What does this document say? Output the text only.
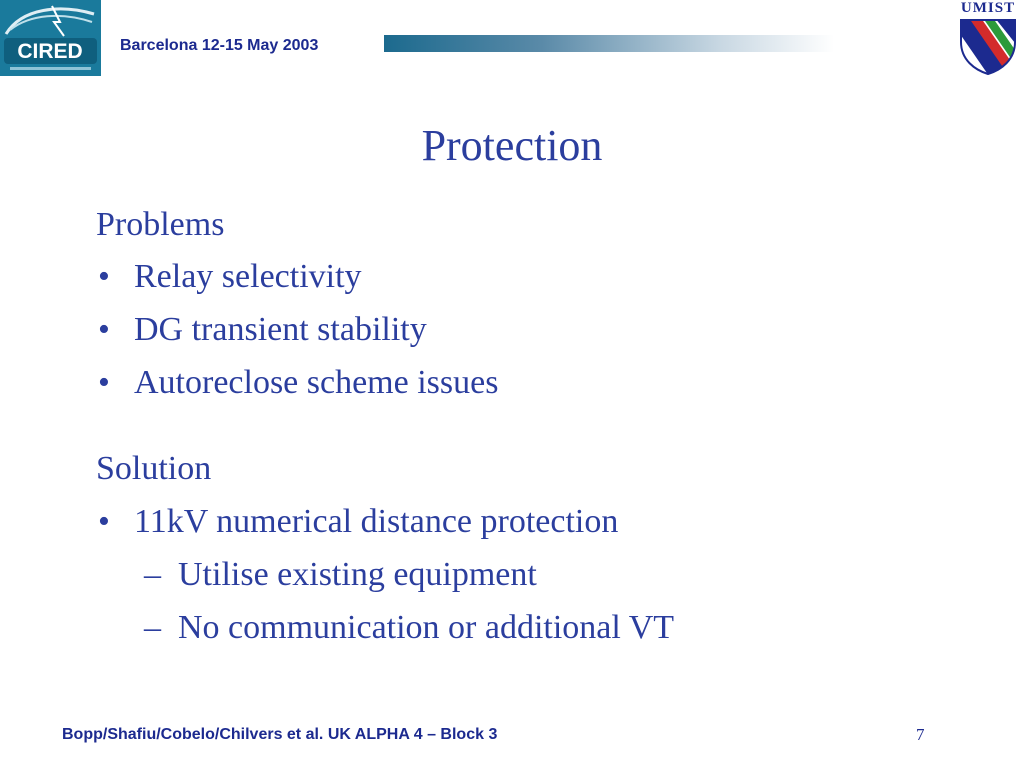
CIRED Barcelona 12-15 May 2003
UMIST
Protection
Problems
• Relay selectivity
• DG transient stability
• Autoreclose scheme issues
Solution
• 11kV numerical distance protection
– Utilise existing equipment
– No communication or additional VT
Bopp/Shafiu/Cobelo/Chilvers et al. UK ALPHA 4 – Block 3	7
